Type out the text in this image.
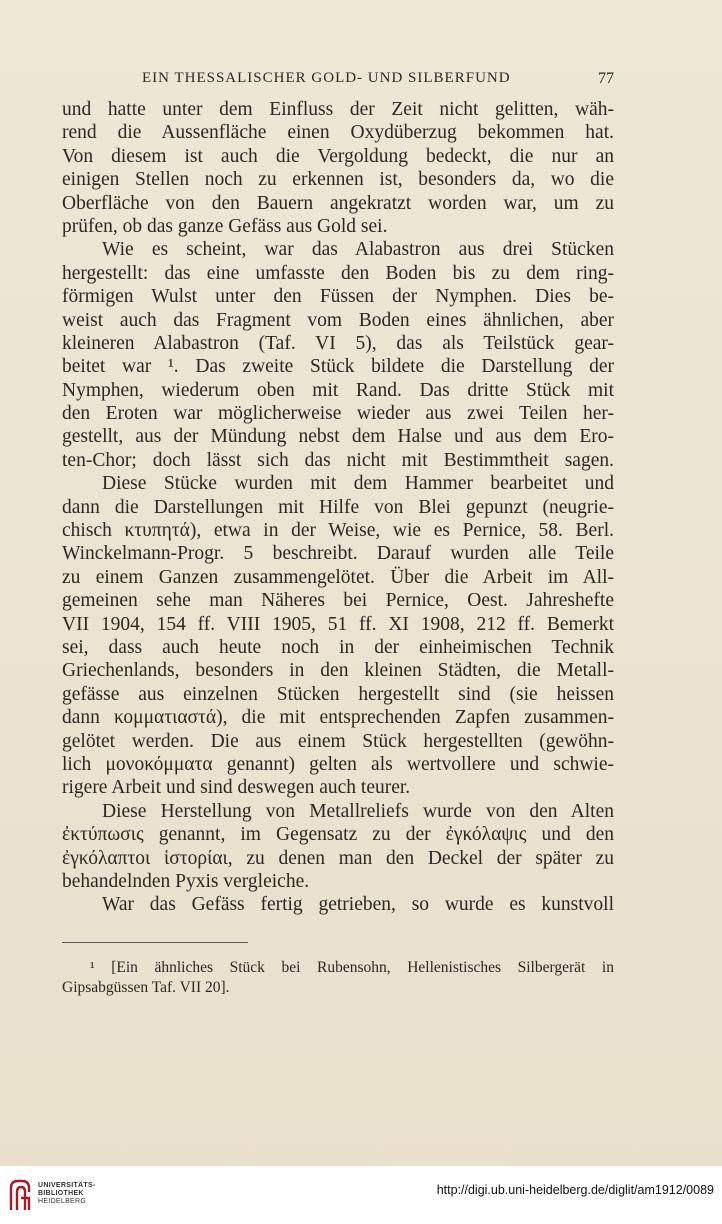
EIN THESSALISCHER GOLD- UND SILBERFUND	77
und hatte unter dem Einfluss der Zeit nicht gelitten, wäh-
rend die Aussenfläche einen Oxydüberzug bekommen hat.
Von diesem ist auch die Vergoldung bedeckt, die nur an
einigen Stellen noch zu erkennen ist, besonders da, wo die
Oberfläche von den Bauern angekratzt worden war, um zu
prüfen, ob das ganze Gefäss aus Gold sei.
Wie es scheint, war das Alabastron aus drei Stücken
hergestellt: das eine umfasste den Boden bis zu dem ring-
förmigen Wulst unter den Füssen der Nymphen. Dies be-
weist auch das Fragment vom Boden eines ähnlichen, aber
kleineren Alabastron (Taf. VI 5), das als Teilstück gear-
beitet war ¹. Das zweite Stück bildete die Darstellung der
Nymphen, wiederum oben mit Rand. Das dritte Stück mit
den Eroten war möglicherweise wieder aus zwei Teilen her-
gestellt, aus der Mündung nebst dem Halse und aus dem Ero-
ten-Chor; doch lässt sich das nicht mit Bestimmtheit sagen.
Diese Stücke wurden mit dem Hammer bearbeitet und
dann die Darstellungen mit Hilfe von Blei gepunzt (neugrie-
chisch κτυπητά), etwa in der Weise, wie es Pernice, 58. Berl.
Winckelmann-Progr. 5 beschreibt. Darauf wurden alle Teile
zu einem Ganzen zusammengelötet. Über die Arbeit im All-
gemeinen sehe man Näheres bei Pernice, Oest. Jahreshefte
VII 1904, 154 ff. VIII 1905, 51 ff. XI 1908, 212 ff. Bemerkt
sei, dass auch heute noch in der einheimischen Technik
Griechenlands, besonders in den kleinen Städten, die Metall-
gefässe aus einzelnen Stücken hergestellt sind (sie heissen
dann κομματιαστά), die mit entsprechenden Zapfen zusammen-
gelötet werden. Die aus einem Stück hergestellten (gewöhn-
lich μονοκόμματα genannt) gelten als wertvollere und schwie-
rigere Arbeit und sind deswegen auch teurer.
Diese Herstellung von Metallreliefs wurde von den Alten
ἐκτύπωσις genannt, im Gegensatz zu der ἐγκόλαψις und den
ἐγκόλαπτοι ἱστορίαι, zu denen man den Deckel der später zu
behandelnden Pyxis vergleiche.
War das Gefäss fertig getrieben, so wurde es kunstvoll
¹ [Ein ähnliches Stück bei Rubensohn, Hellenistisches Silbergerät in
Gipsabgüssen Taf. VII 20].
UNIVERSITÄTS-
BIBLIOTHEK
HEIDELBERG
http://digi.ub.uni-heidelberg.de/diglit/am1912/0089
